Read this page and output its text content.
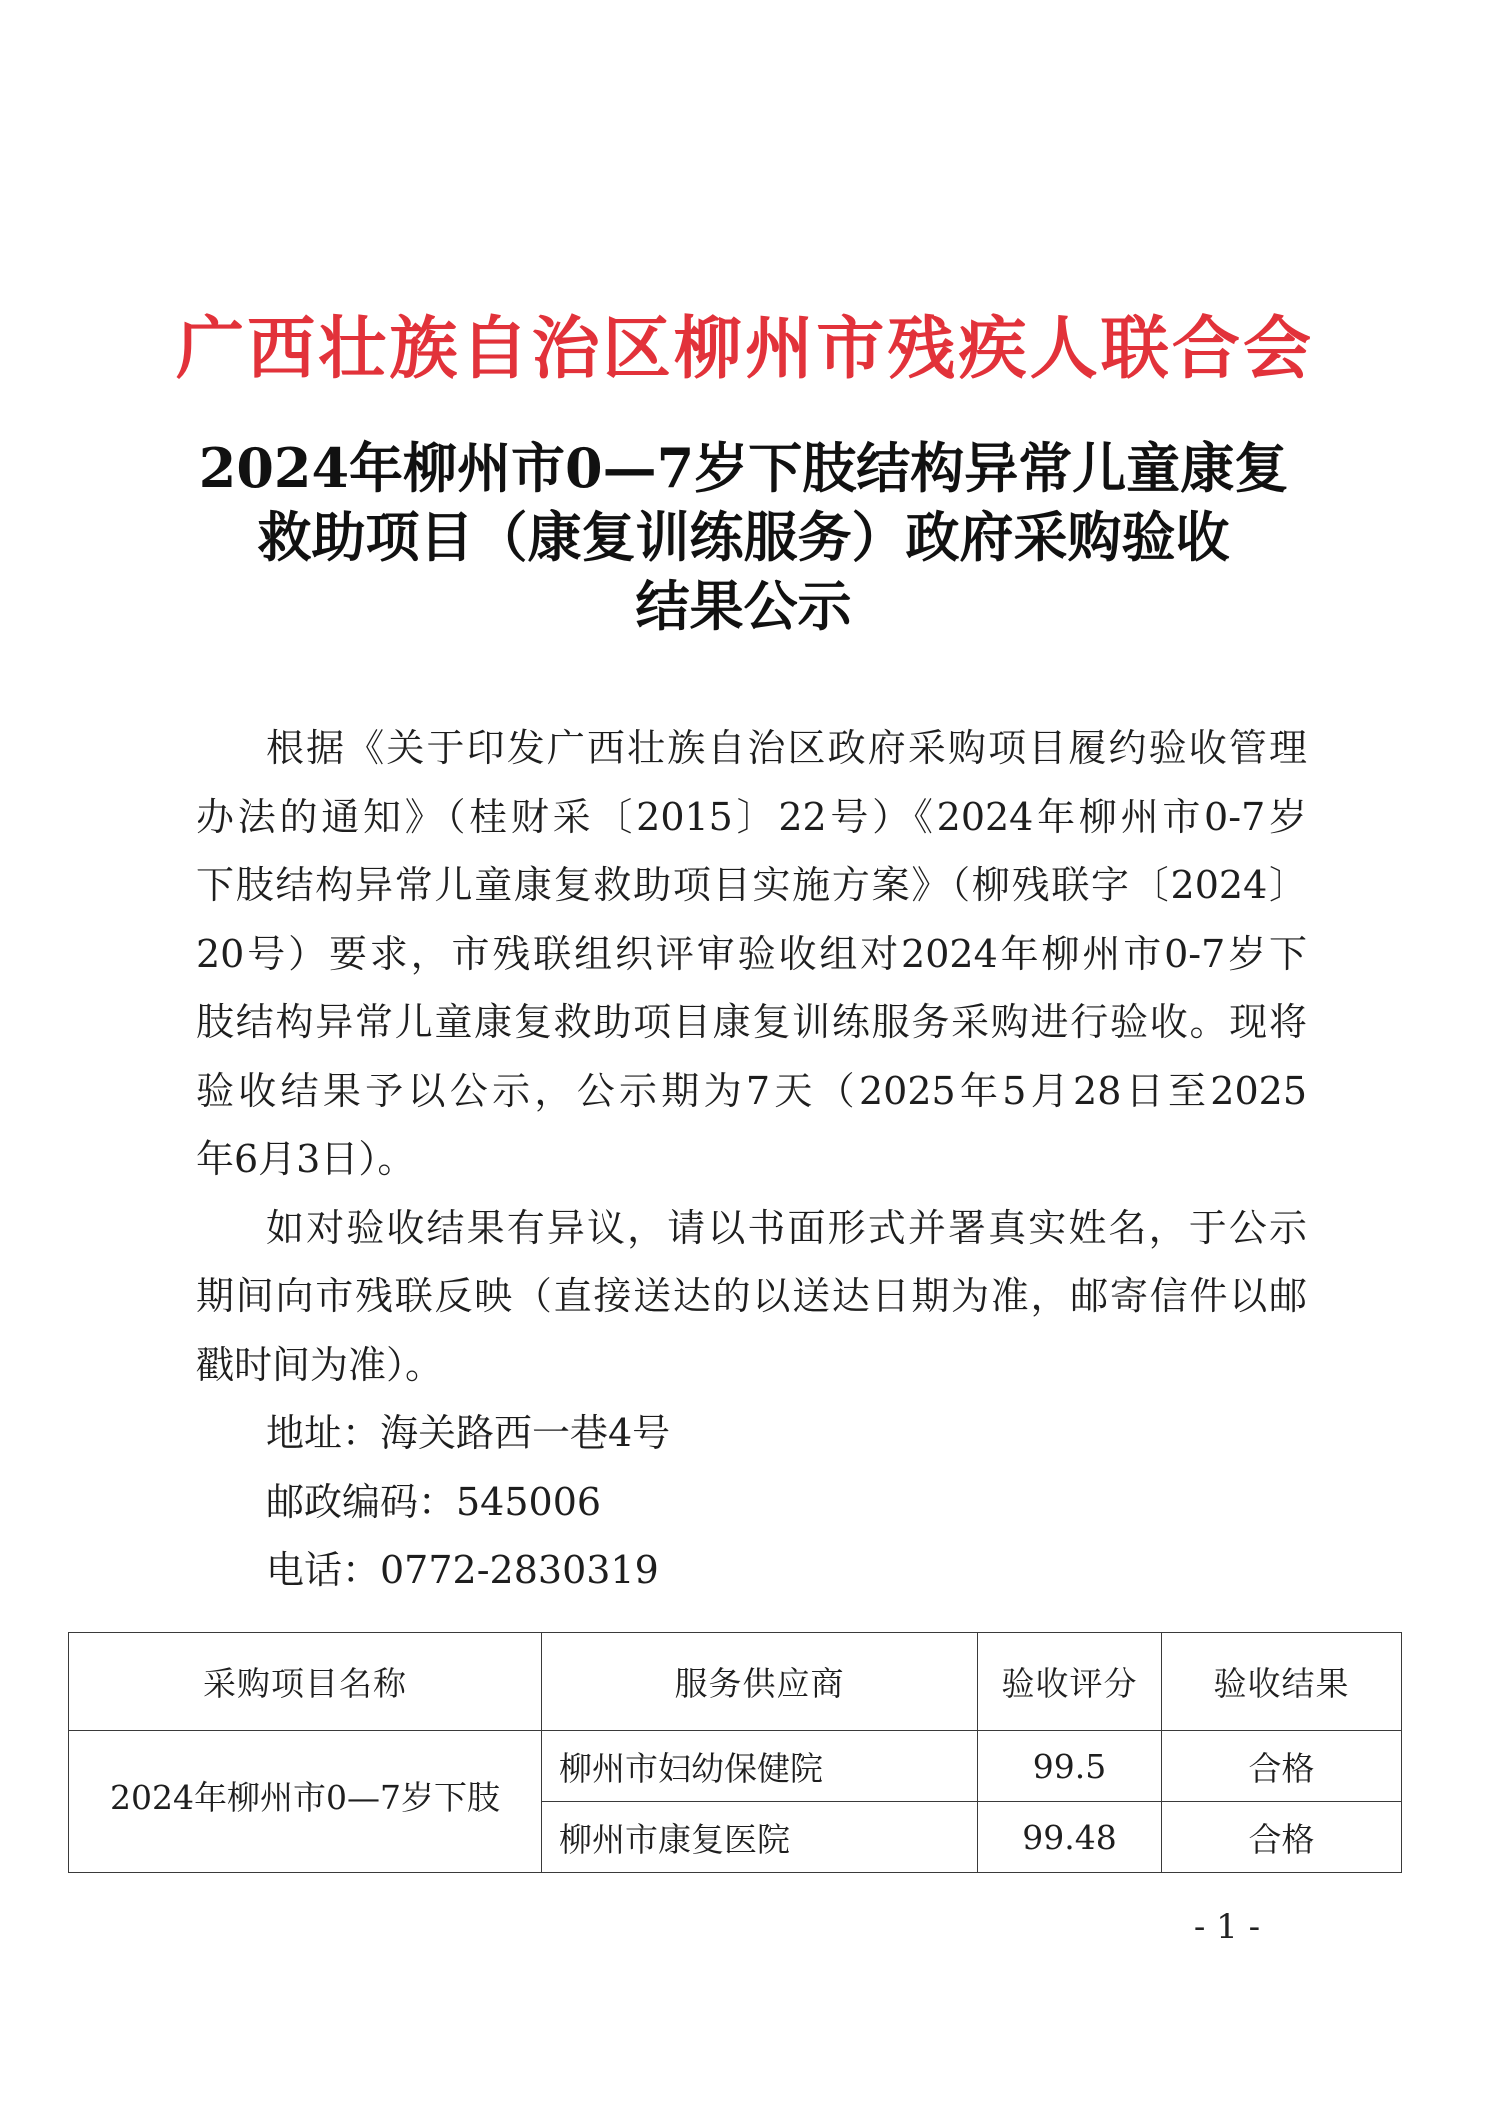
广西壮族自治区柳州市残疾人联合会
2024年柳州市0—7岁下肢结构异常儿童康复
救助项目（康复训练服务）政府采购验收
结果公示
根据《关于印发广西壮族自治区政府采购项目履约验收管理
办法的通知》（桂财采〔2015〕22号）《2024年柳州市0-7岁
下肢结构异常儿童康复救助项目实施方案》（柳残联字〔2024〕
20号）要求，市残联组织评审验收组对2024年柳州市0-7岁下
肢结构异常儿童康复救助项目康复训练服务采购进行验收。现将
验收结果予以公示，公示期为7天（2025年5月28日至2025
年6月3日）。
如对验收结果有异议，请以书面形式并署真实姓名，于公示
期间向市残联反映（直接送达的以送达日期为准，邮寄信件以邮
戳时间为准）。
地址：海关路西一巷4号
邮政编码：545006
电话：0772-2830319
采购项目名称	服务供应商	验收评分	验收结果
2024年柳州市0—7岁下肢	柳州市妇幼保健院	99.5	合格
	柳州市康复医院	99.48	合格
- 1 -
